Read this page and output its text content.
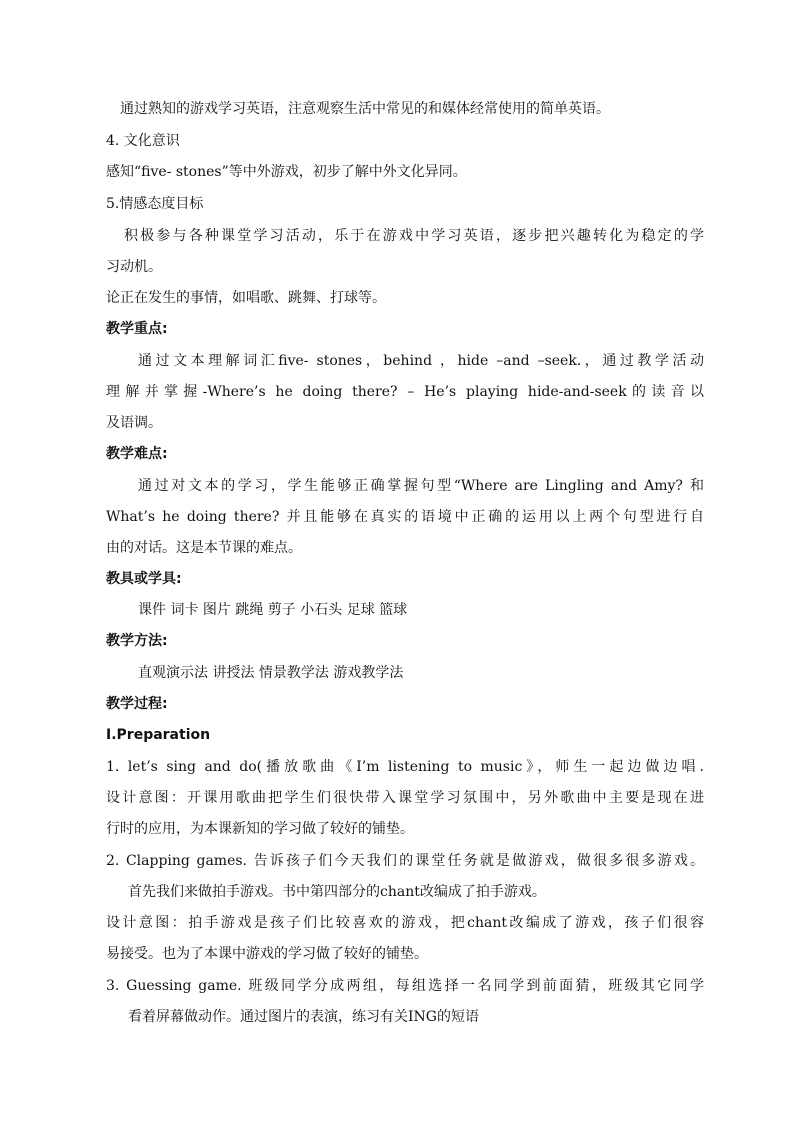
　通过熟知的游戏学习英语，注意观察生活中常见的和媒体经常使用的简单英语。
4. 文化意识
感知“five- stones”等中外游戏，初步了解中外文化异同。
5.情感态度目标
积极参与各种课堂学习活动，乐于在游戏中学习英语，逐步把兴趣转化为稳定的学
习动机。
论正在发生的事情，如唱歌、跳舞、打球等。
教学重点:
通过文本理解词汇five- stones，behind ，hide –and –seek.，通过教学活动
理解并掌握-Where’s he doing there? – He’s playing hide-and-seek的读音以
及语调。
教学难点:
通过对文本的学习，学生能够正确掌握句型“Where are Lingling and Amy? 和
What’s he doing there? 并且能够在真实的语境中正确的运用以上两个句型进行自
由的对话。这是本节课的难点。
教具或学具:
课件 词卡 图片 跳绳 剪子 小石头 足球 篮球
教学方法:
直观演示法 讲授法 情景教学法 游戏教学法
教学过程:
Ⅰ.Preparation
1. let’s sing and do(播放歌曲《I’m listening to music》，师生一起边做边唱.
设计意图：开课用歌曲把学生们很快带入课堂学习氛围中，另外歌曲中主要是现在进
行时的应用，为本课新知的学习做了较好的铺垫。
2. Clapping games. 告诉孩子们今天我们的课堂任务就是做游戏，做很多很多游戏。
首先我们来做拍手游戏。书中第四部分的chant改编成了拍手游戏。
设计意图：拍手游戏是孩子们比较喜欢的游戏，把chant改编成了游戏，孩子们很容
易接受。也为了本课中游戏的学习做了较好的铺垫。
3. Guessing game. 班级同学分成两组，每组选择一名同学到前面猜，班级其它同学
看着屏幕做动作。通过图片的表演，练习有关ING的短语
